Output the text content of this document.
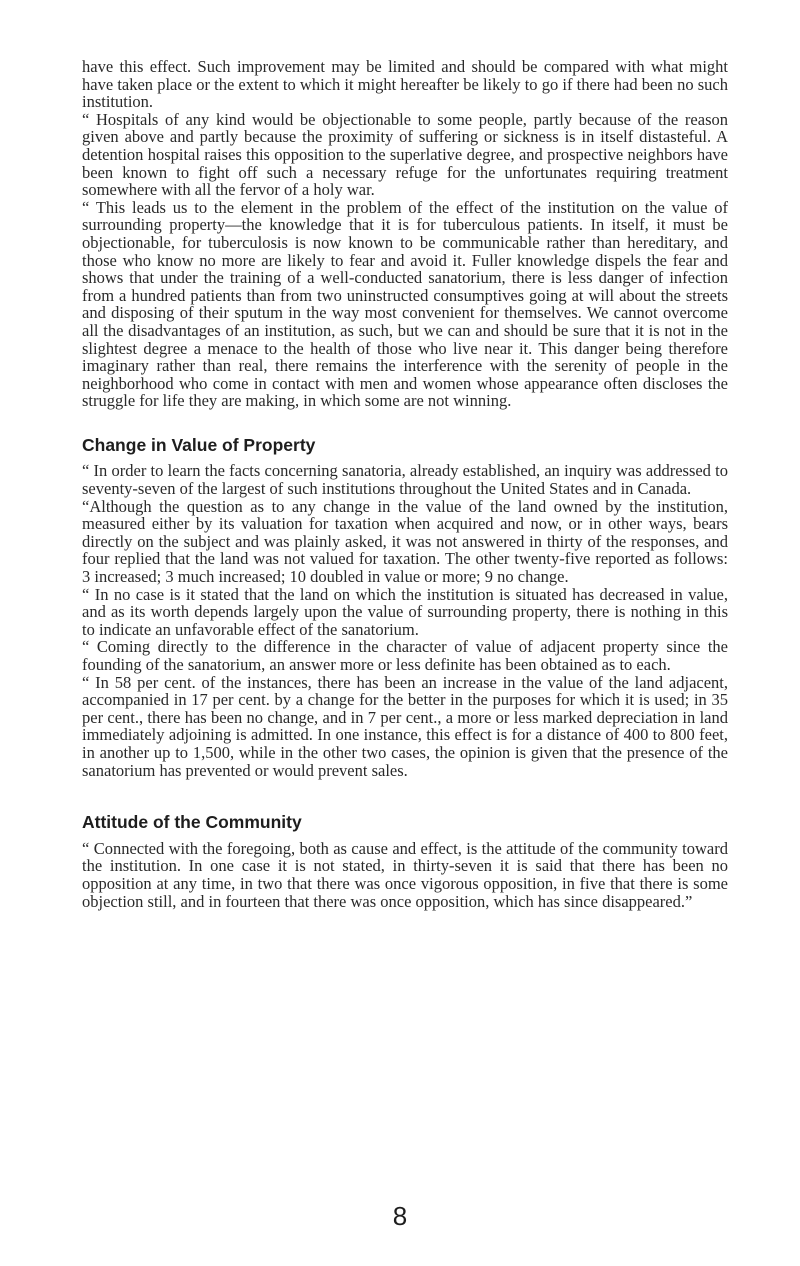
have this effect. Such improvement may be limited and should be compared with what might have taken place or the extent to which it might hereafter be likely to go if there had been no such institution.

“ Hospitals of any kind would be objectionable to some people, partly because of the reason given above and partly because the proximity of suffering or sickness is in itself distasteful. A detention hospital raises this opposition to the superlative degree, and prospective neighbors have been known to fight off such a necessary refuge for the unfortunates requiring treatment somewhere with all the fervor of a holy war.

“ This leads us to the element in the problem of the effect of the institution on the value of surrounding property—the knowledge that it is for tuberculous patients. In itself, it must be objectionable, for tuberculosis is now known to be communicable rather than hereditary, and those who know no more are likely to fear and avoid it. Fuller knowledge dispels the fear and shows that under the training of a well-conducted sanatorium, there is less danger of infection from a hundred patients than from two uninstructed consumptives going at will about the streets and disposing of their sputum in the way most convenient for themselves. We cannot overcome all the disadvantages of an institution, as such, but we can and should be sure that it is not in the slightest degree a menace to the health of those who live near it. This danger being therefore imaginary rather than real, there remains the interference with the serenity of people in the neighborhood who come in contact with men and women whose appearance often discloses the struggle for life they are making, in which some are not winning.

Change in Value of Property

“ In order to learn the facts concerning sanatoria, already established, an inquiry was addressed to seventy-seven of the largest of such institutions throughout the United States and in Canada.

“Although the question as to any change in the value of the land owned by the institution, measured either by its valuation for taxation when acquired and now, or in other ways, bears directly on the subject and was plainly asked, it was not answered in thirty of the responses, and four replied that the land was not valued for taxation. The other twenty-five reported as follows: 3 increased; 3 much increased; 10 doubled in value or more; 9 no change.

“ In no case is it stated that the land on which the institution is situated has decreased in value, and as its worth depends largely upon the value of surrounding property, there is nothing in this to indicate an unfavorable effect of the sanatorium.

“ Coming directly to the difference in the character of value of adjacent property since the founding of the sanatorium, an answer more or less definite has been obtained as to each.

“ In 58 per cent. of the instances, there has been an increase in the value of the land adjacent, accompanied in 17 per cent. by a change for the better in the purposes for which it is used; in 35 per cent., there has been no change, and in 7 per cent., a more or less marked depreciation in land immediately adjoining is admitted. In one instance, this effect is for a distance of 400 to 800 feet, in another up to 1,500, while in the other two cases, the opinion is given that the presence of the sanatorium has prevented or would prevent sales.

Attitude of the Community

“ Connected with the foregoing, both as cause and effect, is the attitude of the community toward the institution. In one case it is not stated, in thirty-seven it is said that there has been no opposition at any time, in two that there was once vigorous opposition, in five that there is some objection still, and in fourteen that there was once opposition, which has since disappeared.”

8
